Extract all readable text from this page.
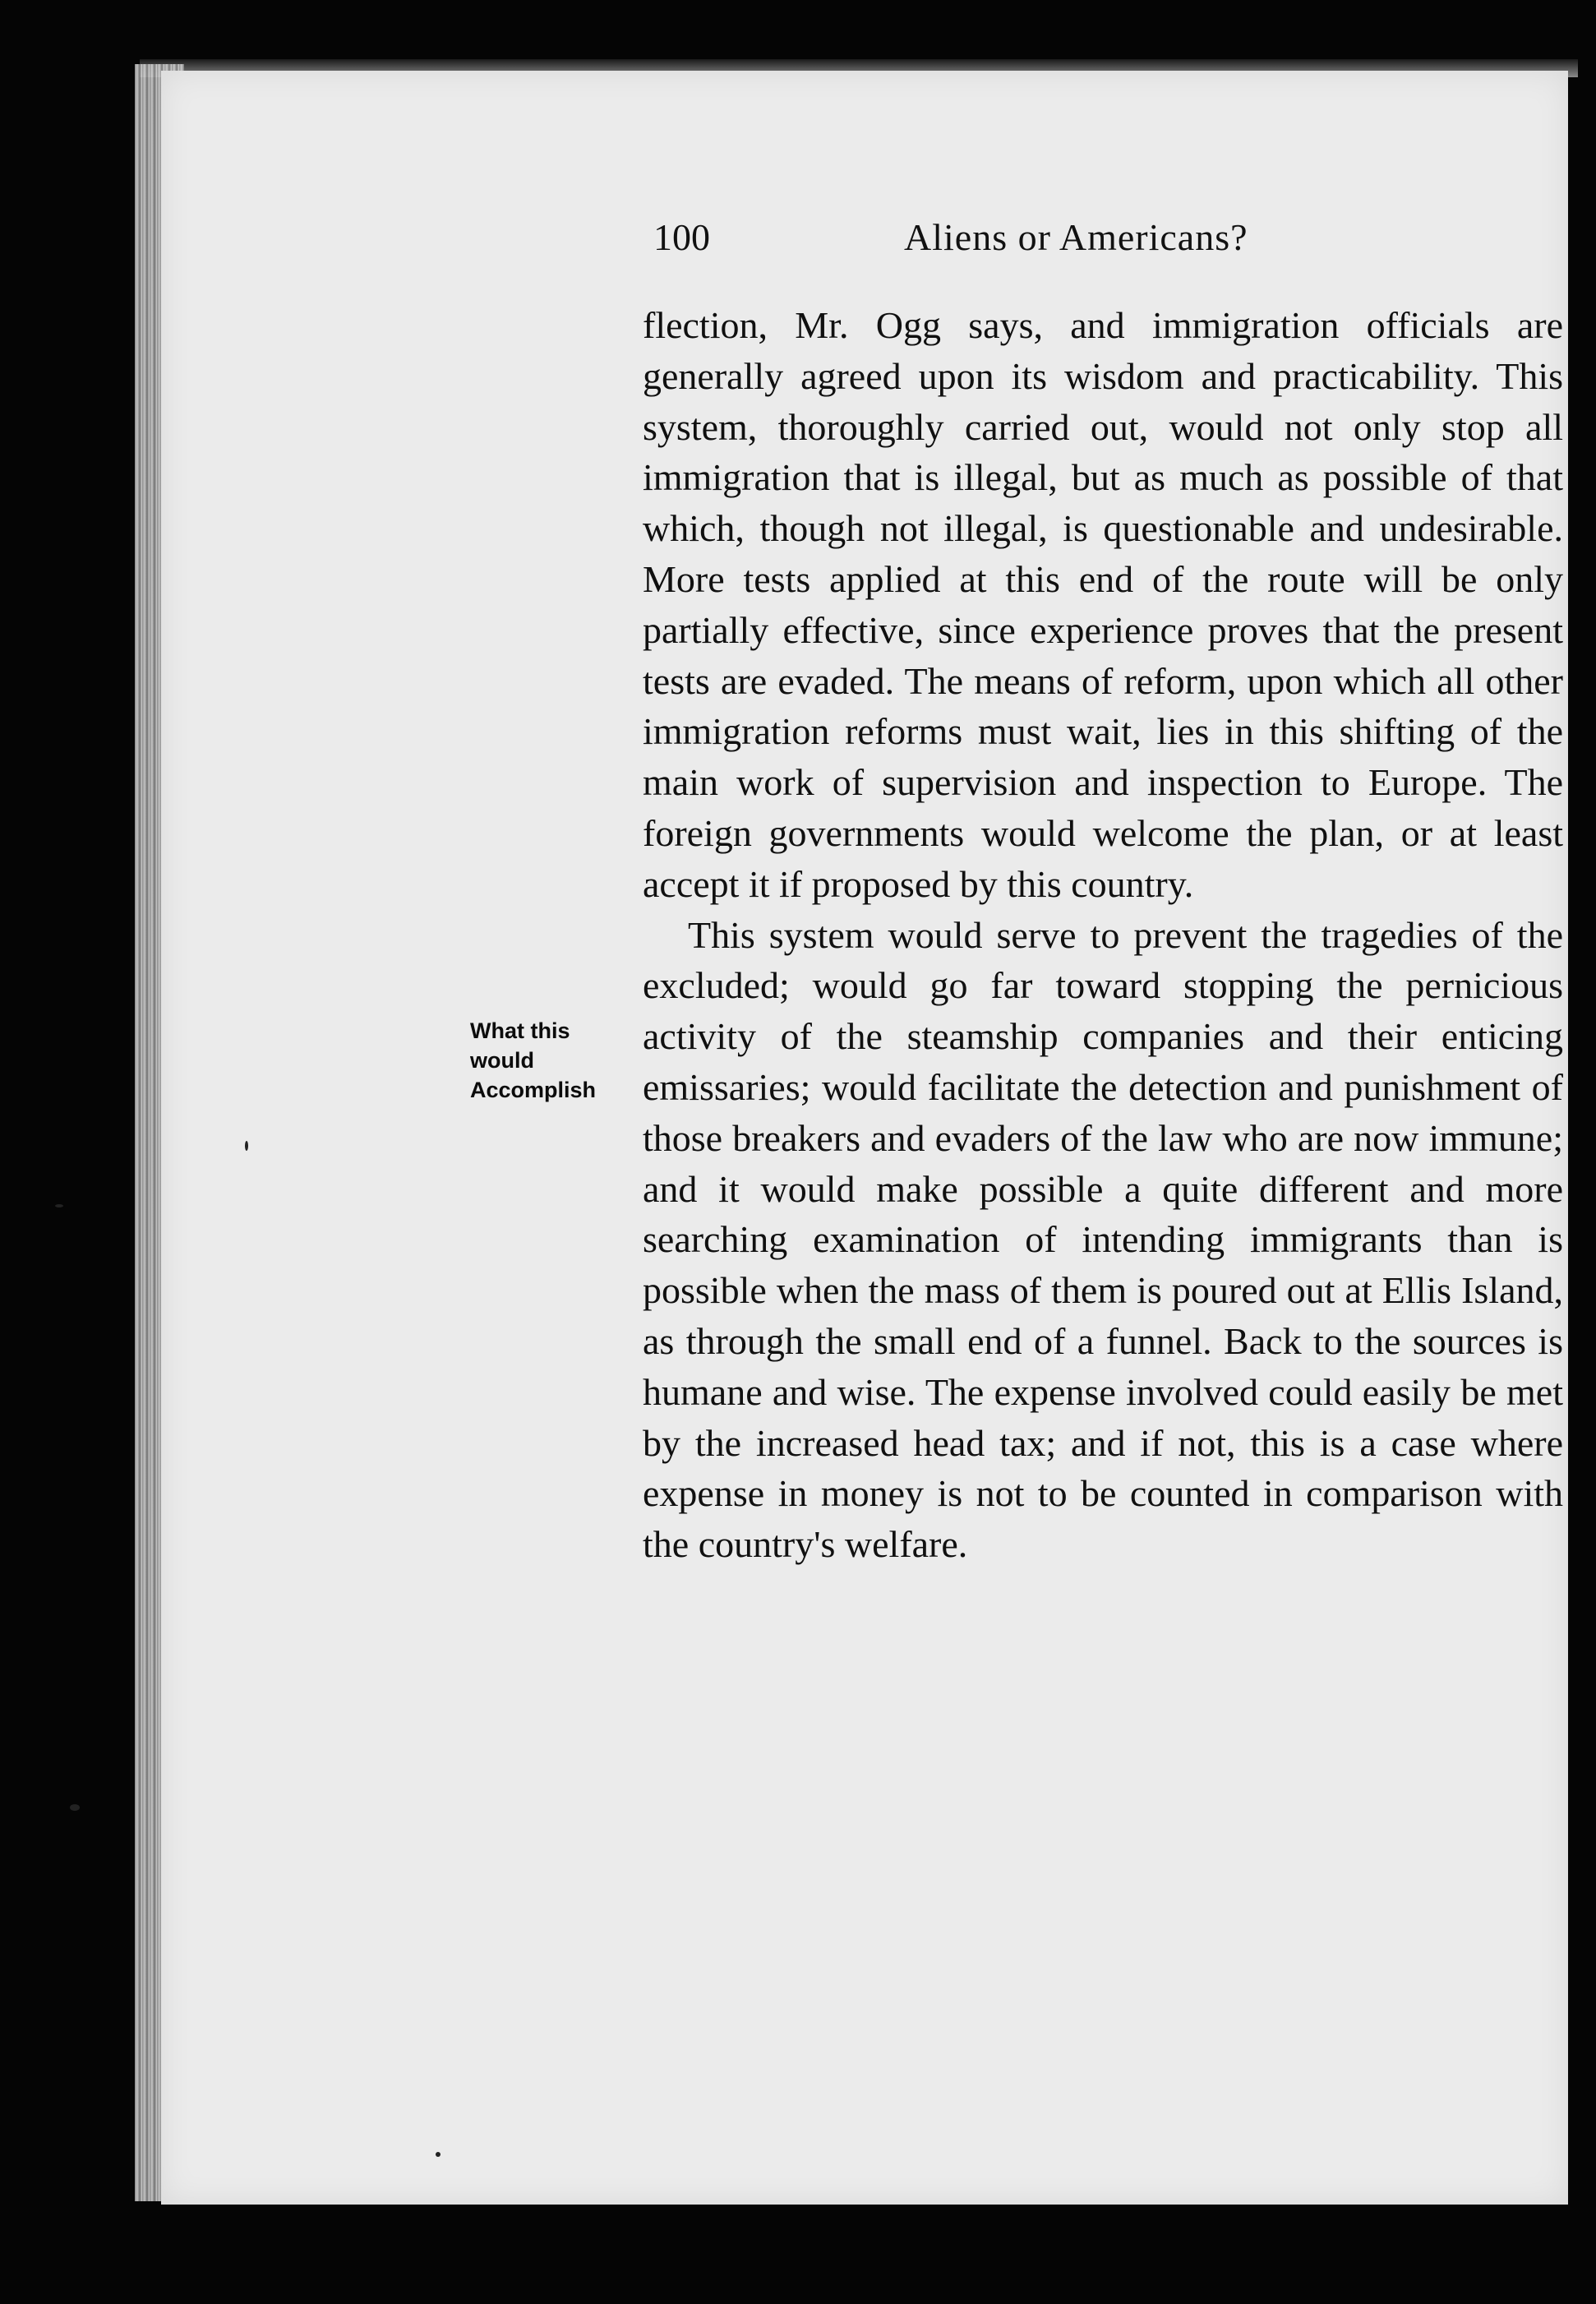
100	Aliens or Americans?
What this would Accomplish

flection, Mr. Ogg says, and immigration officials are generally agreed upon its wisdom and practicability. This system, thoroughly carried out, would not only stop all immigration that is illegal, but as much as possible of that which, though not illegal, is questionable and undesirable. More tests applied at this end of the route will be only partially effective, since experience proves that the present tests are evaded. The means of reform, upon which all other immigration reforms must wait, lies in this shifting of the main work of supervision and inspection to Europe. The foreign governments would welcome the plan, or at least accept it if proposed by this country.

This system would serve to prevent the tragedies of the excluded; would go far toward stopping the pernicious activity of the steamship companies and their enticing emissaries; would facilitate the detection and punishment of those breakers and evaders of the law who are now immune; and it would make possible a quite different and more searching examination of intending immigrants than is possible when the mass of them is poured out at Ellis Island, as through the small end of a funnel. Back to the sources is humane and wise. The expense involved could easily be met by the increased head tax; and if not, this is a case where expense in money is not to be counted in comparison with the country's welfare.
